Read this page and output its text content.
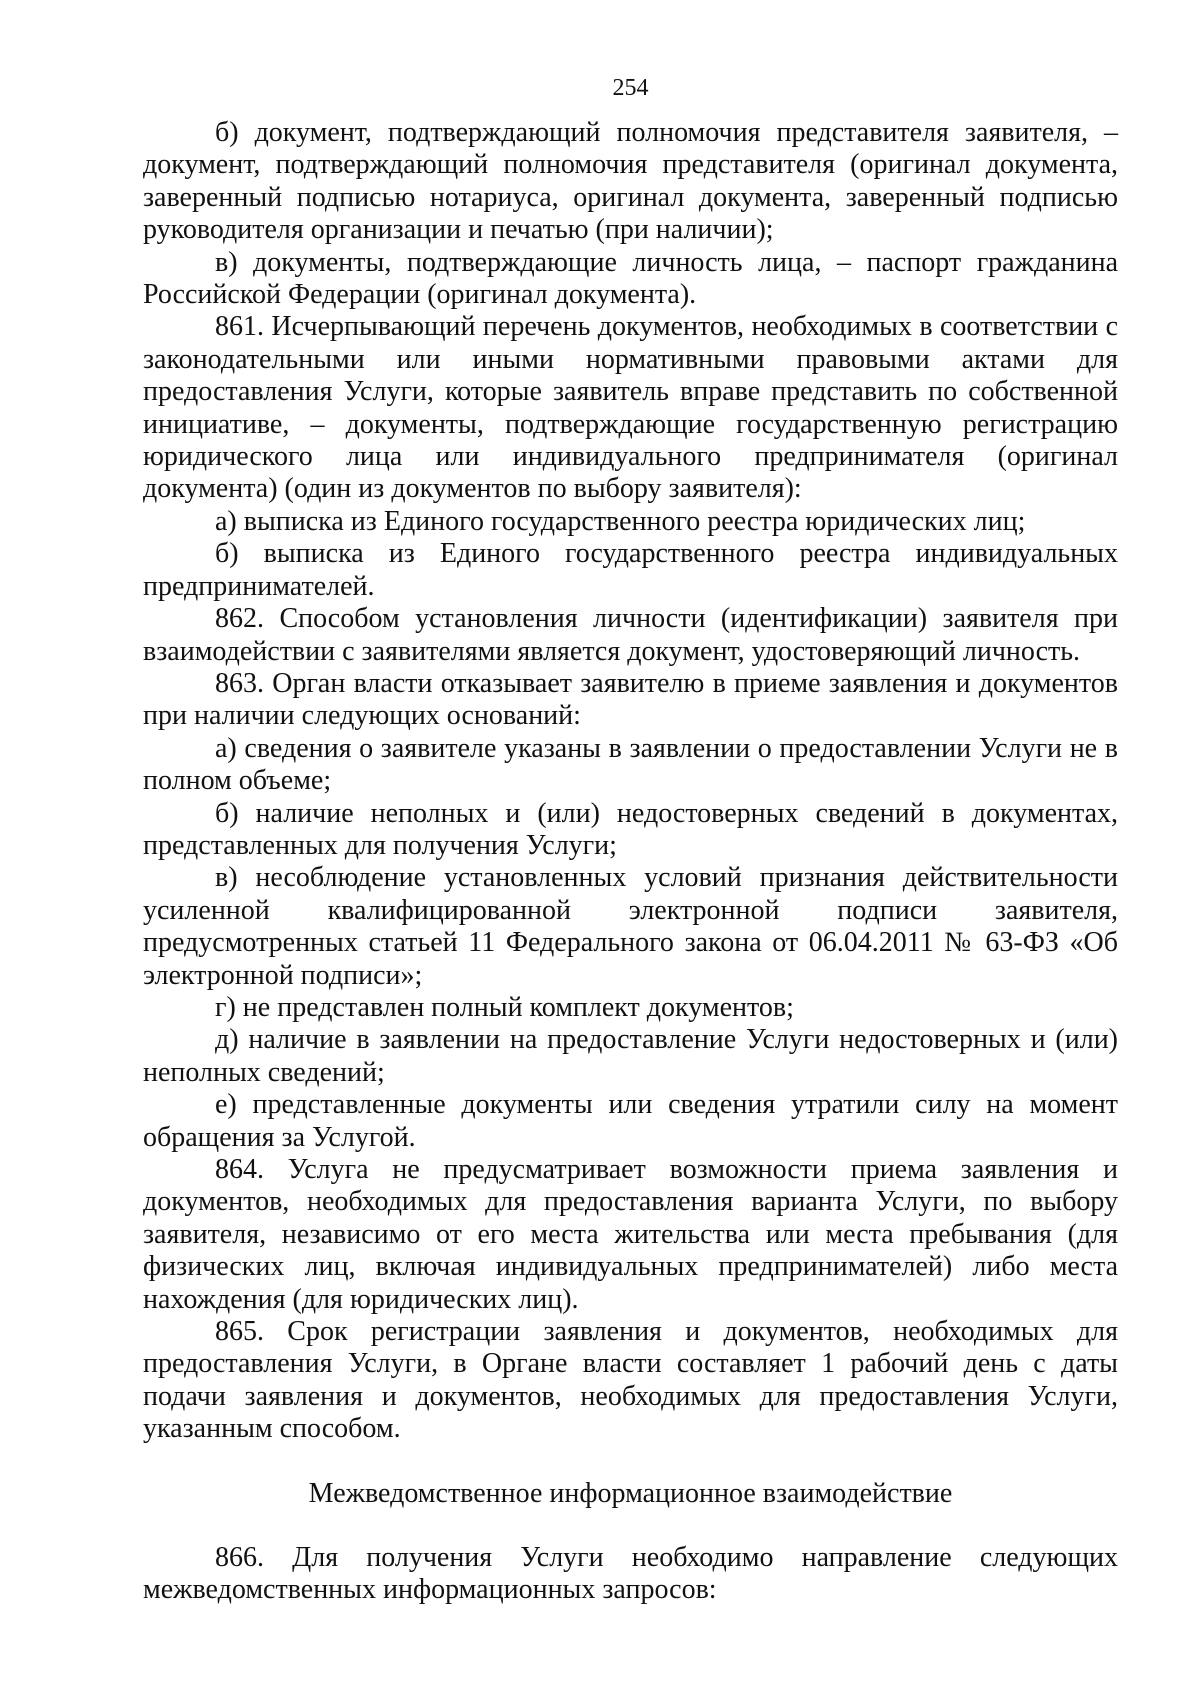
254

б) документ, подтверждающий полномочия представителя заявителя, – документ, подтверждающий полномочия представителя (оригинал документа, заверенный подписью нотариуса, оригинал документа, заверенный подписью руководителя организации и печатью (при наличии);

в) документы, подтверждающие личность лица, – паспорт гражданина Российской Федерации (оригинал документа).

861. Исчерпывающий перечень документов, необходимых в соответствии с законодательными или иными нормативными правовыми актами для предоставления Услуги, которые заявитель вправе представить по собственной инициативе, – документы, подтверждающие государственную регистрацию юридического лица или индивидуального предпринимателя (оригинал документа) (один из документов по выбору заявителя):

а) выписка из Единого государственного реестра юридических лиц;

б) выписка из Единого государственного реестра индивидуальных предпринимателей.

862. Способом установления личности (идентификации) заявителя при взаимодействии с заявителями является документ, удостоверяющий личность.

863. Орган власти отказывает заявителю в приеме заявления и документов при наличии следующих оснований:

а) сведения о заявителе указаны в заявлении о предоставлении Услуги не в полном объеме;

б) наличие неполных и (или) недостоверных сведений в документах, представленных для получения Услуги;

в) несоблюдение установленных условий признания действительности усиленной квалифицированной электронной подписи заявителя, предусмотренных статьей 11 Федерального закона от 06.04.2011 № 63-ФЗ «Об электронной подписи»;

г) не представлен полный комплект документов;

д) наличие в заявлении на предоставление Услуги недостоверных и (или) неполных сведений;

е) представленные документы или сведения утратили силу на момент обращения за Услугой.

864. Услуга не предусматривает возможности приема заявления и документов, необходимых для предоставления варианта Услуги, по выбору заявителя, независимо от его места жительства или места пребывания (для физических лиц, включая индивидуальных предпринимателей) либо места нахождения (для юридических лиц).

865. Срок регистрации заявления и документов, необходимых для предоставления Услуги, в Органе власти составляет 1 рабочий день с даты подачи заявления и документов, необходимых для предоставления Услуги, указанным способом.

Межведомственное информационное взаимодействие

866. Для получения Услуги необходимо направление следующих межведомственных информационных запросов:
